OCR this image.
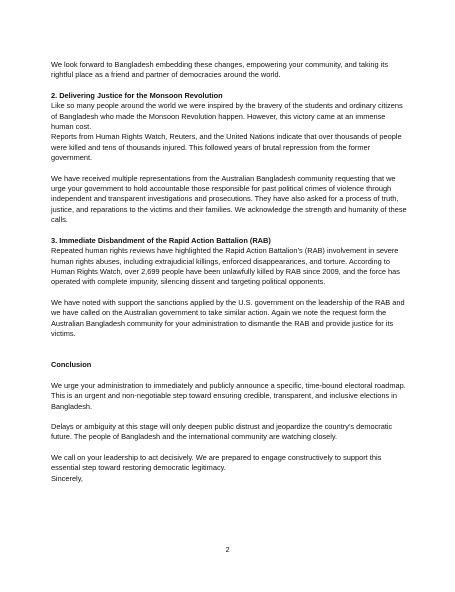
We look forward to Bangladesh embedding these changes, empowering your community, and taking its rightful place as a friend and partner of democracies around the world.

2. Delivering Justice for the Monsoon Revolution

Like so many people around the world we were inspired by the bravery of the students and ordinary citizens of Bangladesh who made the Monsoon Revolution happen. However, this victory came at an immense human cost.

Reports from Human Rights Watch, Reuters, and the United Nations indicate that over thousands of people were killed and tens of thousands injured. This followed years of brutal repression from the former government.

We have received multiple representations from the Australian Bangladesh community requesting that we urge your government to hold accountable those responsible for past political crimes of violence through independent and transparent investigations and prosecutions. They have also asked for a process of truth, justice, and reparations to the victims and their families. We acknowledge the strength and humanity of these calls.

3. Immediate Disbandment of the Rapid Action Battalion (RAB)

Repeated human rights reviews have highlighted the Rapid Action Battalion’s (RAB) involvement in severe human rights abuses, including extrajudicial killings, enforced disappearances, and torture. According to Human Rights Watch, over 2,699 people have been unlawfully killed by RAB since 2009, and the force has operated with complete impunity, silencing dissent and targeting political opponents.

We have noted with support the sanctions applied by the U.S. government on the leadership of the RAB and we have called on the Australian government to take similar action. Again we note the request form the Australian Bangladesh community for your administration to dismantle the RAB and provide justice for its victims.

Conclusion

We urge your administration to immediately and publicly announce a specific, time-bound electoral roadmap. This is an urgent and non-negotiable step toward ensuring credible, transparent, and inclusive elections in Bangladesh.

Delays or ambiguity at this stage will only deepen public distrust and jeopardize the country’s democratic future. The people of Bangladesh and the international community are watching closely.

We call on your leadership to act decisively. We are prepared to engage constructively to support this essential step toward restoring democratic legitimacy.

Sincerely,

2
